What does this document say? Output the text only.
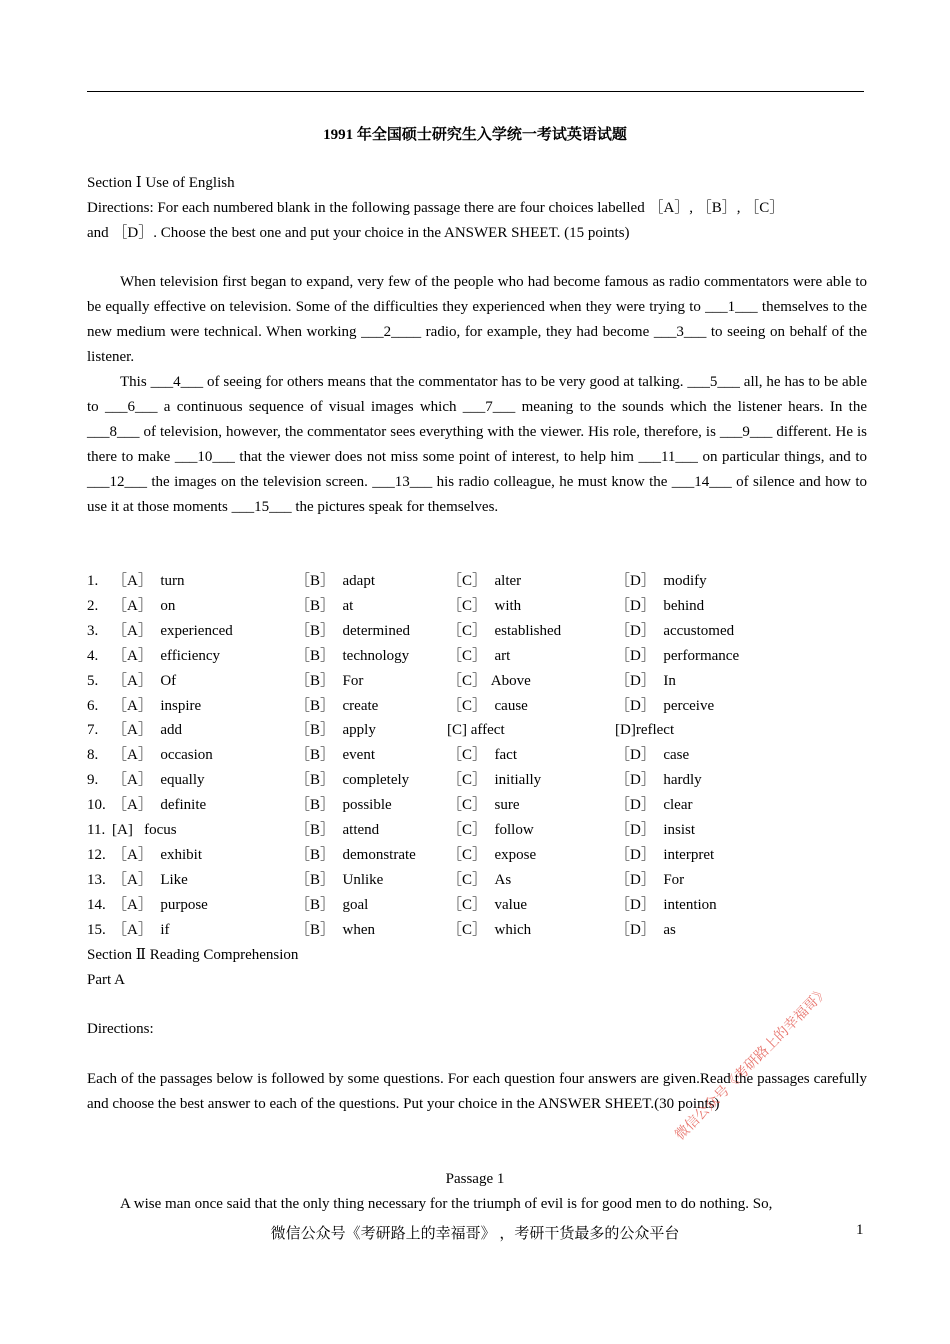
1991 年全国硕士研究生入学统一考试英语试题
Section Ⅰ Use of English
Directions: For each numbered blank in the following passage there are four choices labelled ［A］, ［B］, ［C］
and ［D］. Choose the best one and put your choice in the ANSWER SHEET. (15 points)

When television first began to expand, very few of the people who had become famous as radio commentators were able to be equally effective on television. Some of the difficulties they experienced when they were trying to ___1___ themselves to the new medium were technical. When working ___2____ radio, for example, they had become ___3___ to seeing on behalf of the listener.

This ___4___ of seeing for others means that the commentator has to be very good at talking. ___5___ all, he has to be able to ___6___ a continuous sequence of visual images which ___7___ meaning to the sounds which the listener hears. In the ___8___ of television, however, the commentator sees everything with the viewer. His role, therefore, is ___9___ different. He is there to make ___10___ that the viewer does not miss some point of interest, to help him ___11___ on particular things, and to ___12___ the images on the television screen. ___13___ his radio colleague, he must know the ___14___ of silence and how to use it at those moments ___15___ the pictures speak for themselves.

1. ［A］  turn	［B］  adapt	［C］  alter	［D］  modify
2. ［A］  on	［B］  at	［C］  with	［D］  behind
3. ［A］  experienced	［B］  determined ［C］  established	［D］  accustomed
4. ［A］  efficiency	［B］  technology	［C］  art	［D］  performance
5. ［A］  Of	［B］  For	［C］ Above	［D］  In
6. ［A］  inspire	［B］  create	［C］  cause	［D］  perceive
7. ［A］  add	［B］  apply	[C] affect	[D]reflect
8. ［A］  occasion	［B］  event	［C］  fact	［D］  case
9. ［A］  equally	［B］  completely	［C］  initially	［D］  hardly
10. ［A］  definite	［B］  possible	［C］  sure	［D］  clear
11. [A]   focus	［B］  attend	［C］  follow	［D］  insist
12. ［A］  exhibit	［B］  demonstrate ［C］  expose	［D］  interpret
13. ［A］  Like	［B］  Unlike	［C］  As	［D］  For
14. ［A］  purpose	［B］  goal	［C］  value	［D］  intention
15. ［A］  if	［B］  when	［C］  which	［D］  as
Section Ⅱ Reading Comprehension
Part A
Directions:
Each of the passages below is followed by some questions. For each question four answers are given.Read the passages carefully and choose the best answer to each of the questions. Put your choice in the ANSWER SHEET.(30 points)
Passage 1
A wise man once said that the only thing necessary for the triumph of evil is for good men to do nothing. So,
微信公众号《考研路上的幸福哥》 ，考研干货最多的公众平台	1
微信公众号《考研路上的幸福哥》
